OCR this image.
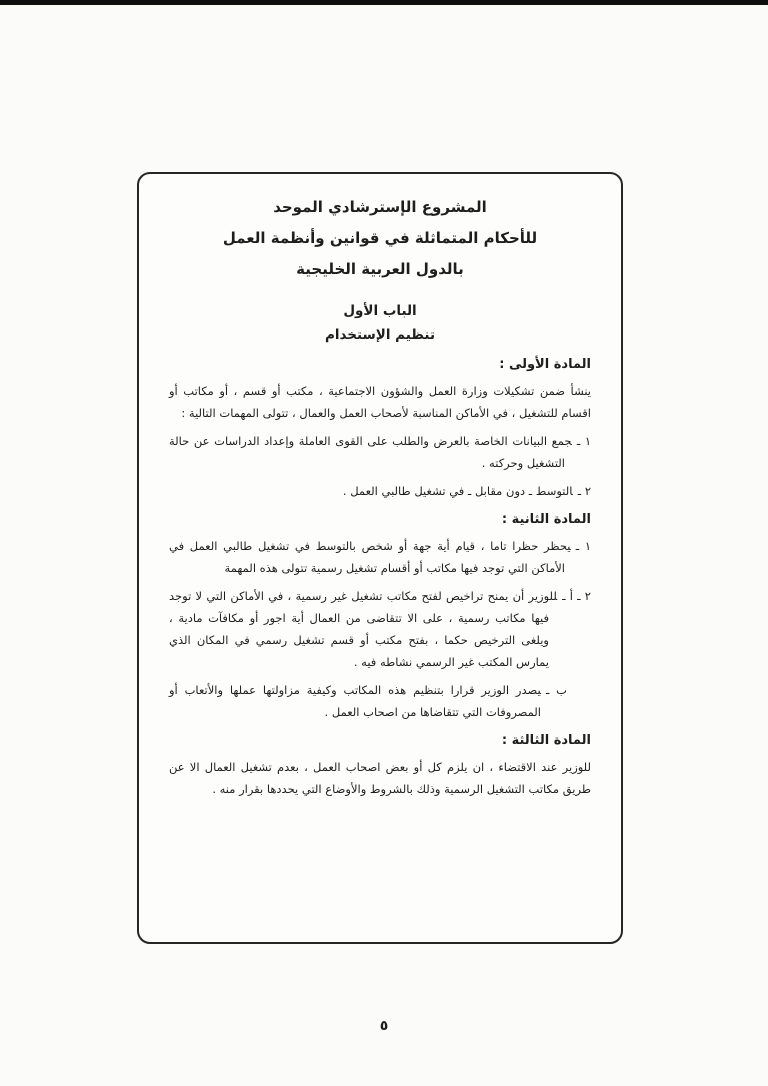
المشروع الإسترشادي الموحد
للأحكام المتماثلة في قوانين وأنظمة العمل
بالدول العربية الخليجية
الباب الأول
تنظيم الإستخدام
المادة الأولى :

ينشأ ضمن تشكيلات وزارة العمل والشؤون الاجتماعية ، مكتب أو قسم ، أو مكاتب أو اقسام للتشغيل ، في الأماكن المناسبة لأصحاب العمل والعمال ، تتولى المهمات التالية :

١ ـجمع البيانات الخاصة بالعرض والطلب على القوى العاملة وإعداد الدراسات عن حالة التشغيل وحركته .

٢ ـالتوسط ـ دون مقابل ـ في تشغيل طالبي العمل .

المادة الثانية :

١ ـيحظر حظرا تاما ، قيام أية جهة أو شخص بالتوسط في تشغيل طالبي العمل في الأماكن التي توجد فيها مكاتب أو أقسام تشغيل رسمية تتولى هذه المهمة

٢ ـ أ ـللوزير أن يمنح تراخيص لفتح مكاتب تشغيل غير رسمية ، في الأماكن التي لا توجد فيها مكاتب رسمية ، على الا تتقاضى من العمال أية اجور أو مكافآت مادية ، ويلغى الترخيص حكما ، بفتح مكتب أو قسم تشغيل رسمي في المكان الذي يمارس المكتب غير الرسمي نشاطه فيه .

ب ـيصدر الوزير قرارا بتنظيم هذه المكاتب وكيفية مزاولتها عملها والأتعاب أو المصروفات التي تتقاضاها من اصحاب العمل .

المادة الثالثة :

للوزير عند الاقتضاء ، ان يلزم كل أو بعض اصحاب العمل ، بعدم تشغيل العمال الا عن طريق مكاتب التشغيل الرسمية وذلك بالشروط والأوضاع التي يحددها بقرار منه .

٥
